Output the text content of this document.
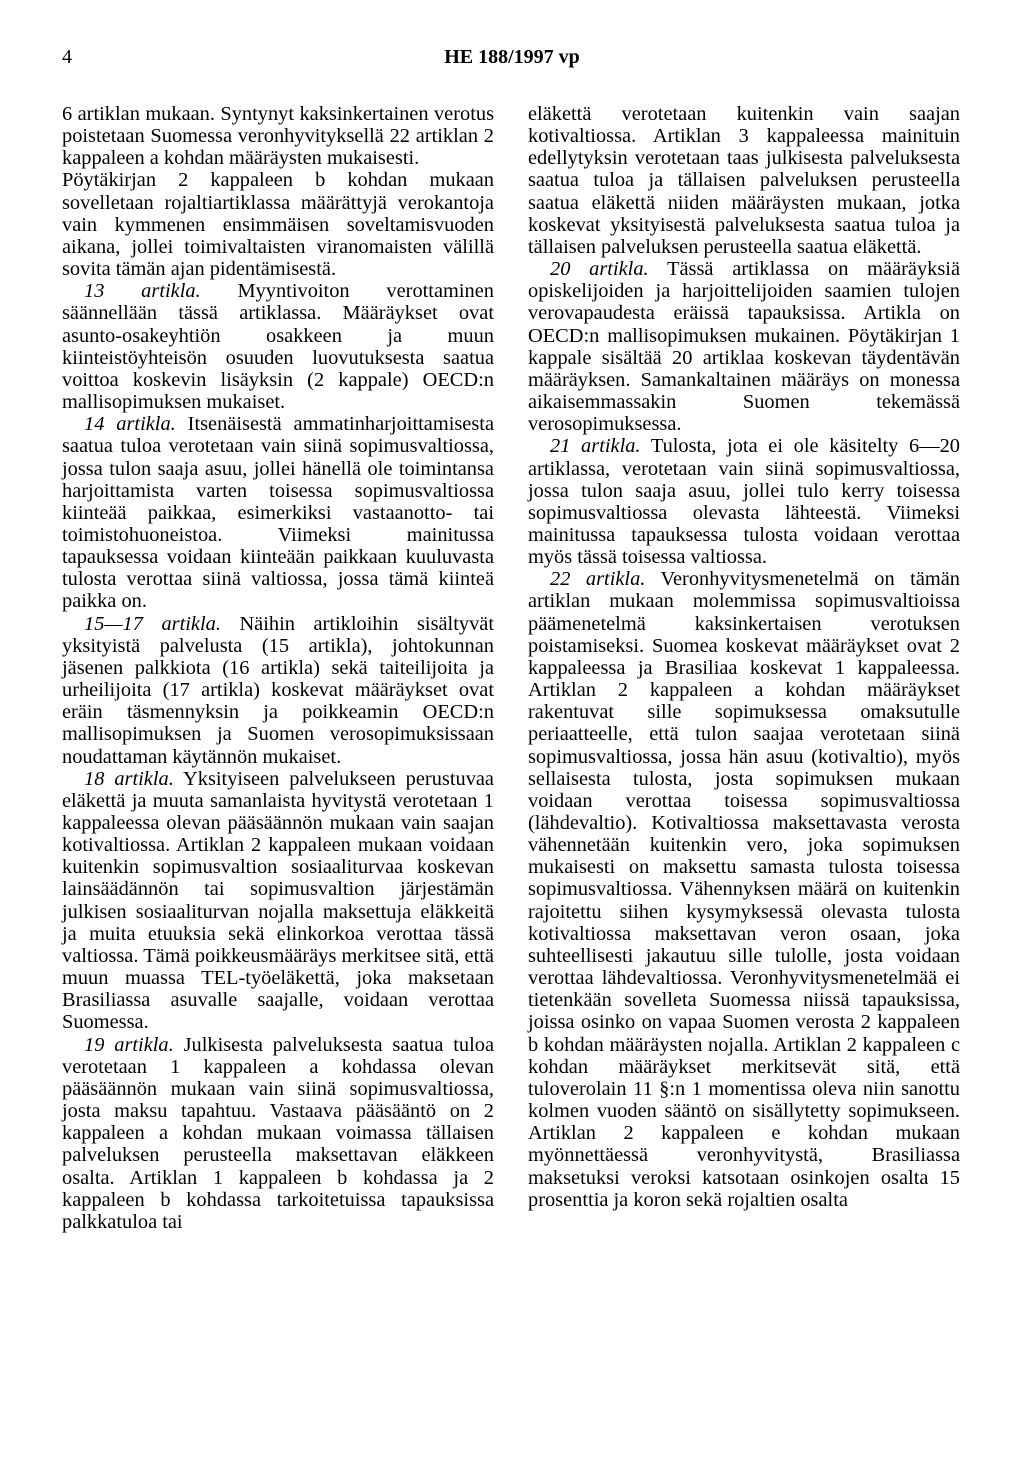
4	HE 188/1997 vp

6 artiklan mukaan. Syntynyt kaksinkertainen verotus poistetaan Suomessa veronhyvityksellä 22 artiklan 2 kappaleen a kohdan määräysten mukaisesti.

Pöytäkirjan 2 kappaleen b kohdan mukaan sovelletaan rojaltiartiklassa määrättyjä verokantoja vain kymmenen ensimmäisen soveltamisvuoden aikana, jollei toimivaltaisten viranomaisten välillä sovita tämän ajan pidentämisestä.

13 artikla. Myyntivoiton verottaminen säännellään tässä artiklassa. Määräykset ovat asunto-osakeyhtiön osakkeen ja muun kiinteistöyhteisön osuuden luovutuksesta saatua voittoa koskevin lisäyksin (2 kappale) OECD:n mallisopimuksen mukaiset.

14 artikla. Itsenäisestä ammatinharjoittamisesta saatua tuloa verotetaan vain siinä sopimusvaltiossa, jossa tulon saaja asuu, jollei hänellä ole toimintansa harjoittamista varten toisessa sopimusvaltiossa kiinteää paikkaa, esimerkiksi vastaanotto- tai toimistohuoneistoa. Viimeksi mainitussa tapauksessa voidaan kiinteään paikkaan kuuluvasta tulosta verottaa siinä valtiossa, jossa tämä kiinteä paikka on.

15—17 artikla. Näihin artikloihin sisältyvät yksityistä palvelusta (15 artikla), johtokunnan jäsenen palkkiota (16 artikla) sekä taiteilijoita ja urheilijoita (17 artikla) koskevat määräykset ovat eräin täsmennyksin ja poikkeamin OECD:n mallisopimuksen ja Suomen verosopimuksissaan noudattaman käytännön mukaiset.

18 artikla. Yksityiseen palvelukseen perustuvaa eläkettä ja muuta samanlaista hyvitystä verotetaan 1 kappaleessa olevan pääsäännön mukaan vain saajan kotivaltiossa. Artiklan 2 kappaleen mukaan voidaan kuitenkin sopimusvaltion sosiaaliturvaa koskevan lainsäädännön tai sopimusvaltion järjestämän julkisen sosiaaliturvan nojalla maksettuja eläkkeitä ja muita etuuksia sekä elinkorkoa verottaa tässä valtiossa. Tämä poikkeusmääräys merkitsee sitä, että muun muassa TEL-työeläkettä, joka maksetaan Brasiliassa asuvalle saajalle, voidaan verottaa Suomessa.

19 artikla. Julkisesta palveluksesta saatua tuloa verotetaan 1 kappaleen a kohdassa olevan pääsäännön mukaan vain siinä sopimusvaltiossa, josta maksu tapahtuu. Vastaava pääsääntö on 2 kappaleen a kohdan mukaan voimassa tällaisen palveluksen perusteella maksettavan eläkkeen osalta. Artiklan 1 kappaleen b kohdassa ja 2 kappaleen b kohdassa tarkoitetuissa tapauksissa palkkatuloa tai

eläkettä verotetaan kuitenkin vain saajan kotivaltiossa. Artiklan 3 kappaleessa mainituin edellytyksin verotetaan taas julkisesta palveluksesta saatua tuloa ja tällaisen palveluksen perusteella saatua eläkettä niiden määräysten mukaan, jotka koskevat yksityisestä palveluksesta saatua tuloa ja tällaisen palveluksen perusteella saatua eläkettä.

20 artikla. Tässä artiklassa on määräyksiä opiskelijoiden ja harjoittelijoiden saamien tulojen verovapaudesta eräissä tapauksissa. Artikla on OECD:n mallisopimuksen mukainen. Pöytäkirjan 1 kappale sisältää 20 artiklaa koskevan täydentävän määräyksen. Samankaltainen määräys on monessa aikaisemmassakin Suomen tekemässä verosopimuksessa.

21 artikla. Tulosta, jota ei ole käsitelty 6—20 artiklassa, verotetaan vain siinä sopimusvaltiossa, jossa tulon saaja asuu, jollei tulo kerry toisessa sopimusvaltiossa olevasta lähteestä. Viimeksi mainitussa tapauksessa tulosta voidaan verottaa myös tässä toisessa valtiossa.

22 artikla. Veronhyvitysmenetelmä on tämän artiklan mukaan molemmissa sopimusvaltioissa päämenetelmä kaksinkertaisen verotuksen poistamiseksi. Suomea koskevat määräykset ovat 2 kappaleessa ja Brasiliaa koskevat 1 kappaleessa. Artiklan 2 kappaleen a kohdan määräykset rakentuvat sille sopimuksessa omaksutulle periaatteelle, että tulon saajaa verotetaan siinä sopimusvaltiossa, jossa hän asuu (kotivaltio), myös sellaisesta tulosta, josta sopimuksen mukaan voidaan verottaa toisessa sopimusvaltiossa (lähdevaltio). Kotivaltiossa maksettavasta verosta vähennetään kuitenkin vero, joka sopimuksen mukaisesti on maksettu samasta tulosta toisessa sopimusvaltiossa. Vähennyksen määrä on kuitenkin rajoitettu siihen kysymyksessä olevasta tulosta kotivaltiossa maksettavan veron osaan, joka suhteellisesti jakautuu sille tulolle, josta voidaan verottaa lähdevaltiossa. Veronhyvitysmenetelmää ei tietenkään sovelleta Suomessa niissä tapauksissa, joissa osinko on vapaa Suomen verosta 2 kappaleen b kohdan määräysten nojalla. Artiklan 2 kappaleen c kohdan määräykset merkitsevät sitä, että tuloverolain 11 §:n 1 momentissa oleva niin sanottu kolmen vuoden sääntö on sisällytetty sopimukseen. Artiklan 2 kappaleen e kohdan mukaan myönnettäessä veronhyvitystä, Brasiliassa maksetuksi veroksi katsotaan osinkojen osalta 15 prosenttia ja koron sekä rojaltien osalta
